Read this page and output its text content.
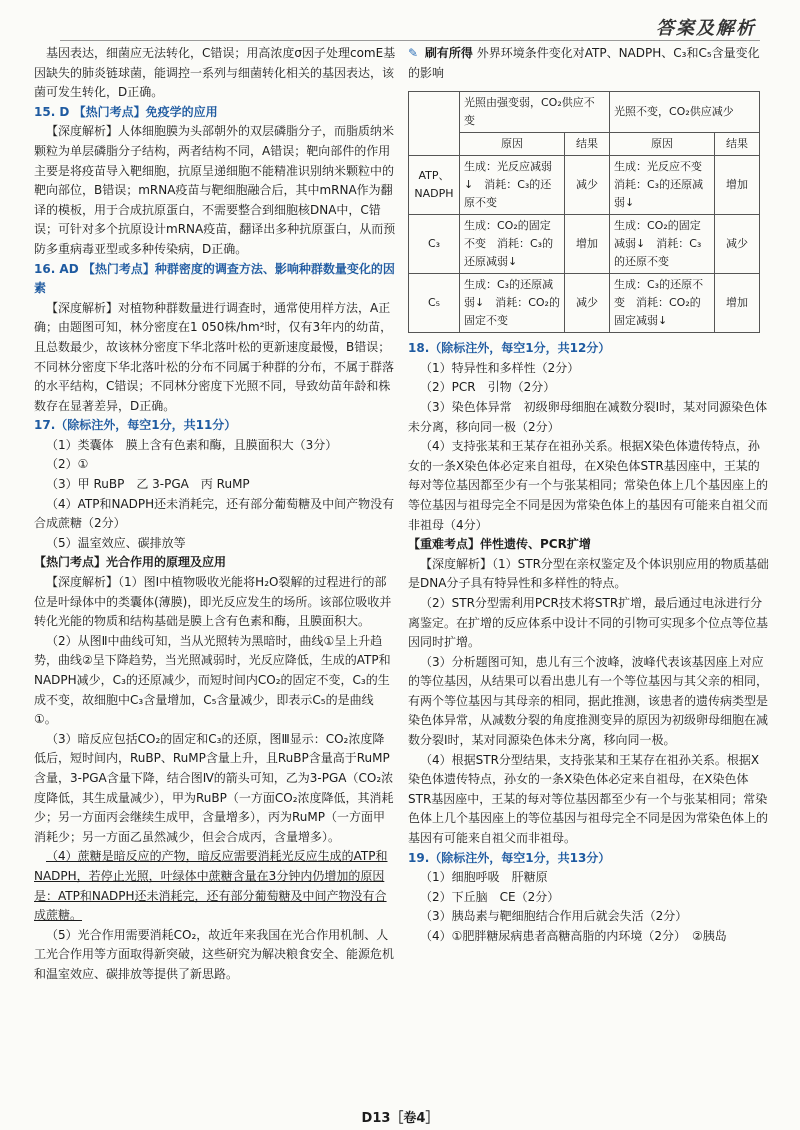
答案及解析

基因表达，细菌应无法转化，C错误；用高浓度σ因子处理comE基因缺失的肺炎链球菌，能调控一系列与细菌转化相关的基因表达，该菌可发生转化，D正确。

15. D 【热门考点】免疫学的应用

【深度解析】人体细胞膜为头部朝外的双层磷脂分子，而脂质纳米颗粒为单层磷脂分子结构，两者结构不同，A错误；靶向部件的作用主要是将疫苗导入靶细胞，抗原呈递细胞不能精准识别纳米颗粒中的靶向部位，B错误；mRNA疫苗与靶细胞融合后，其中mRNA作为翻译的模板，用于合成抗原蛋白，不需要整合到细胞核DNA中，C错误；可针对多个抗原设计mRNA疫苗，翻译出多种抗原蛋白，从而预防多重病毒亚型或多种传染病，D正确。

16. AD 【热门考点】种群密度的调查方法、影响种群数量变化的因素

【深度解析】对植物种群数量进行调查时，通常使用样方法，A正确；由题图可知，林分密度在1 050株/hm²时，仅有3年内的幼苗，且总数最少，故该林分密度下华北落叶松的更新速度最慢，B错误；不同林分密度下华北落叶松的分布不同属于种群的分布，不属于群落的水平结构，C错误；不同林分密度下光照不同，导致幼苗年龄和株数存在显著差异，D正确。

17.（除标注外，每空1分，共11分）

（1）类囊体　膜上含有色素和酶，且膜面积大（3分）

（2）①

（3）甲 RuBP　乙 3-PGA　丙 RuMP

（4）ATP和NADPH还未消耗完，还有部分葡萄糖及中间产物没有合成蔗糖（2分）

（5）温室效应、碳排放等

【热门考点】光合作用的原理及应用

【深度解析】（1）图Ⅰ中植物吸收光能将H₂O裂解的过程进行的部位是叶绿体中的类囊体(薄膜)，即光反应发生的场所。该部位吸收并转化光能的物质和结构基础是膜上含有色素和酶，且膜面积大。

（2）从图Ⅱ中曲线可知，当从光照转为黑暗时，曲线①呈上升趋势，曲线②呈下降趋势，当光照减弱时，光反应降低，生成的ATP和NADPH减少，C₃的还原减少，而短时间内CO₂的固定不变，C₃的生成不变，故细胞中C₃含量增加，C₅含量减少，即表示C₅的是曲线①。

（3）暗反应包括CO₂的固定和C₃的还原，图Ⅲ显示：CO₂浓度降低后，短时间内，RuBP、RuMP含量上升，且RuBP含量高于RuMP含量，3-PGA含量下降，结合图Ⅳ的箭头可知，乙为3-PGA（CO₂浓度降低，其生成量减少），甲为RuBP（一方面CO₂浓度降低，其消耗少；另一方面丙会继续生成甲，含量增多），丙为RuMP（一方面甲消耗少；另一方面乙虽然减少，但会合成丙，含量增多）。

（4）蔗糖是暗反应的产物，暗反应需要消耗光反应生成的ATP和NADPH，若停止光照，叶绿体中蔗糖含量在3分钟内仍增加的原因是：ATP和NADPH还未消耗完，还有部分葡萄糖及中间产物没有合成蔗糖。

（5）光合作用需要消耗CO₂，故近年来我国在光合作用机制、人工光合作用等方面取得新突破，这些研究为解决粮食安全、能源危机和温室效应、碳排放等提供了新思路。

✎ 刷有所得 外界环境条件变化对ATP、NADPH、C₃和C₅含量变化的影响

	光照由强变弱，CO₂供应不变		光照不变，CO₂供应减少	
	原因	结果	原因	结果
ATP、NADPH	生成：光反应减弱↓　消耗：C₃的还原不变	减少	生成：光反应不变　消耗：C₃的还原减弱↓	增加
C₃	生成：CO₂的固定不变　消耗：C₃的还原减弱↓	增加	生成：CO₂的固定减弱↓　消耗：C₃的还原不变	减少
C₅	生成：C₃的还原减弱↓　消耗：CO₂的固定不变	减少	生成：C₃的还原不变　消耗：CO₂的固定减弱↓	增加

18.（除标注外，每空1分，共12分）

（1）特异性和多样性（2分）

（2）PCR　引物（2分）

（3）染色体异常　初级卵母细胞在减数分裂Ⅰ时，某对同源染色体未分离，移向同一极（2分）

（4）支持张某和王某存在祖孙关系。根据X染色体遗传特点，孙女的一条X染色体必定来自祖母，在X染色体STR基因座中，王某的每对等位基因都至少有一个与张某相同；常染色体上几个基因座上的等位基因与祖母完全不同是因为常染色体上的基因有可能来自祖父而非祖母（4分）

【重难考点】伴性遗传、PCR扩增

【深度解析】（1）STR分型在亲权鉴定及个体识别应用的物质基础是DNA分子具有特异性和多样性的特点。

（2）STR分型需利用PCR技术将STR扩增，最后通过电泳进行分离鉴定。在扩增的反应体系中设计不同的引物可实现多个位点等位基因同时扩增。

（3）分析题图可知，患儿有三个波峰，波峰代表该基因座上对应的等位基因，从结果可以看出患儿有一个等位基因与其父亲的相同，有两个等位基因与其母亲的相同，据此推测，该患者的遗传病类型是染色体异常，从减数分裂的角度推测变异的原因为初级卵母细胞在减数分裂Ⅰ时，某对同源染色体未分离，移向同一极。

（4）根据STR分型结果，支持张某和王某存在祖孙关系。根据X染色体遗传特点，孙女的一条X染色体必定来自祖母，在X染色体STR基因座中，王某的每对等位基因都至少有一个与张某相同；常染色体上几个基因座上的等位基因与祖母完全不同是因为常染色体上的基因有可能来自祖父而非祖母。

19.（除标注外，每空1分，共13分）

（1）细胞呼吸　肝糖原

（2）下丘脑　CE（2分）

（3）胰岛素与靶细胞结合作用后就会失活（2分）

（4）①肥胖糖尿病患者高糖高脂的内环境（2分）　②胰岛

D13［卷4］
